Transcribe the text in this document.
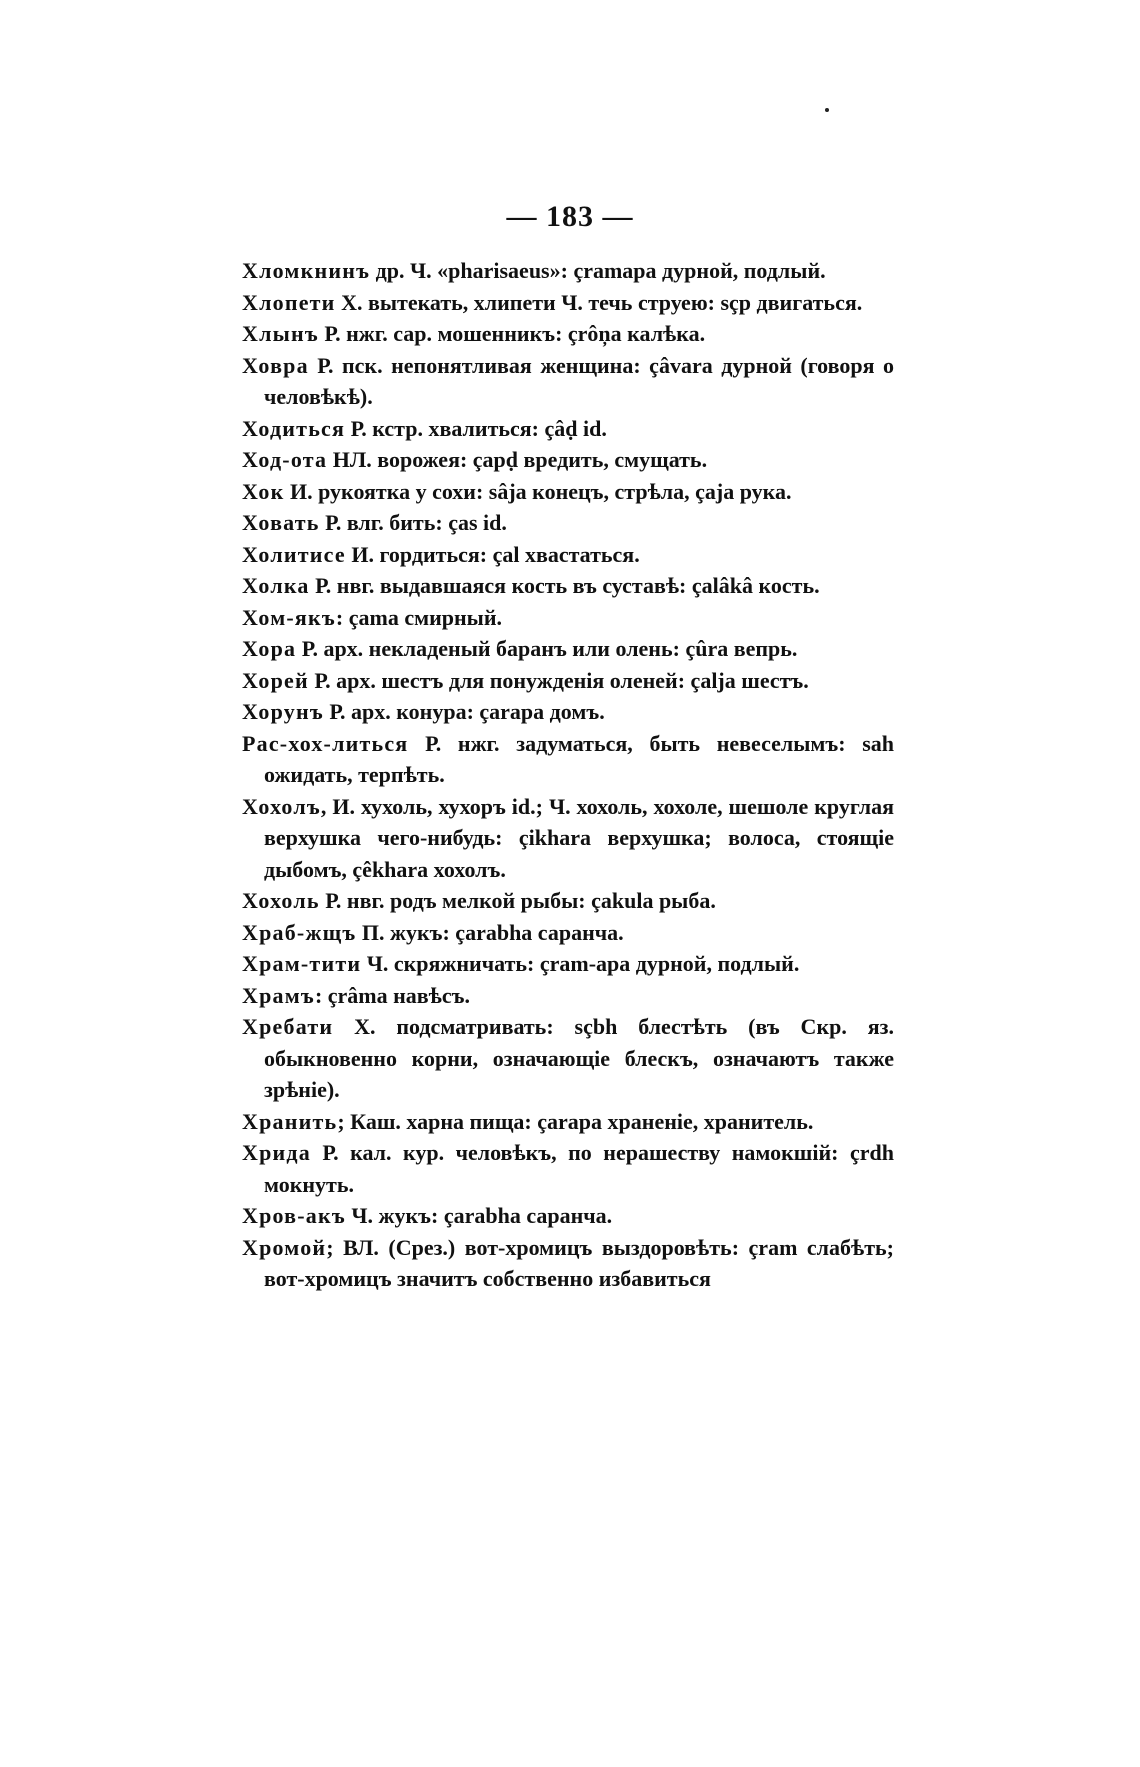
— 183 —
Хломкнинъ др. Ч. «pharisaeus»: çramapa дурной, подлый.
Хлопети Х. вытекать, хлипети Ч. течь струею: sçp двигаться.
Хлынъ Р. нжг. сар. мошенникъ: çrôņa калѣка.
Ховра Р. пск. непонятливая женщина: çâvara дурной (говоря о человѣкѣ).
Ходиться Р. кстр. хвалиться: çâḍ id.
Ход-ота НЛ. ворожея: çapḍ вредить, смущать.
Хок И. рукоятка у сохи: sâja конецъ, стрѣла, çaja рука.
Ховать Р. влг. бить: ças id.
Холитисе И. гордиться: çal хвастаться.
Холка Р. нвг. выдавшаяся кость въ суставѣ: çalâkâ кость.
Хом-якъ: çama смирный.
Хора Р. арх. некладеный баранъ или олень: çûra вепрь.
Хорей Р. арх. шестъ для понужденія оленей: çalja шестъ.
Хорунъ Р. арх. конура: çarapa домъ.
Рас-хох-литься Р. нжг. задуматься, быть невеселымъ: sah ожидать, терпѣть.
Хохолъ, И. хухоль, хухоръ id.; Ч. хохоль, хохоле, шешоле круглая верхушка чего-нибудь: çikhara верхушка; волоса, стоящіе дыбомъ, çêkhara хохолъ.
Хохоль Р. нвг. родъ мелкой рыбы: çakula рыба.
Храб-жщъ П. жукъ: çarabha саранча.
Храм-тити Ч. скряжничать: çram-apa дурной, подлый.
Храмъ: çrâma навѣсъ.
Хребати Х. подсматривать: sçbh блестѣть (въ Скр. яз. обыкновенно корни, означающіе блескъ, означаютъ также зрѣніе).
Хранить; Каш. харна пища: çarapa храненіе, хранитель.
Хрида Р. кал. кур. человѣкъ, по нерашеству намокшій: çrdh мокнуть.
Хров-акъ Ч. жукъ: çarabha саранча.
Хромой; ВЛ. (Срез.) вот-хромицъ выздоровѣть: çram слабѣть; вот-хромицъ значитъ собственно избавиться
